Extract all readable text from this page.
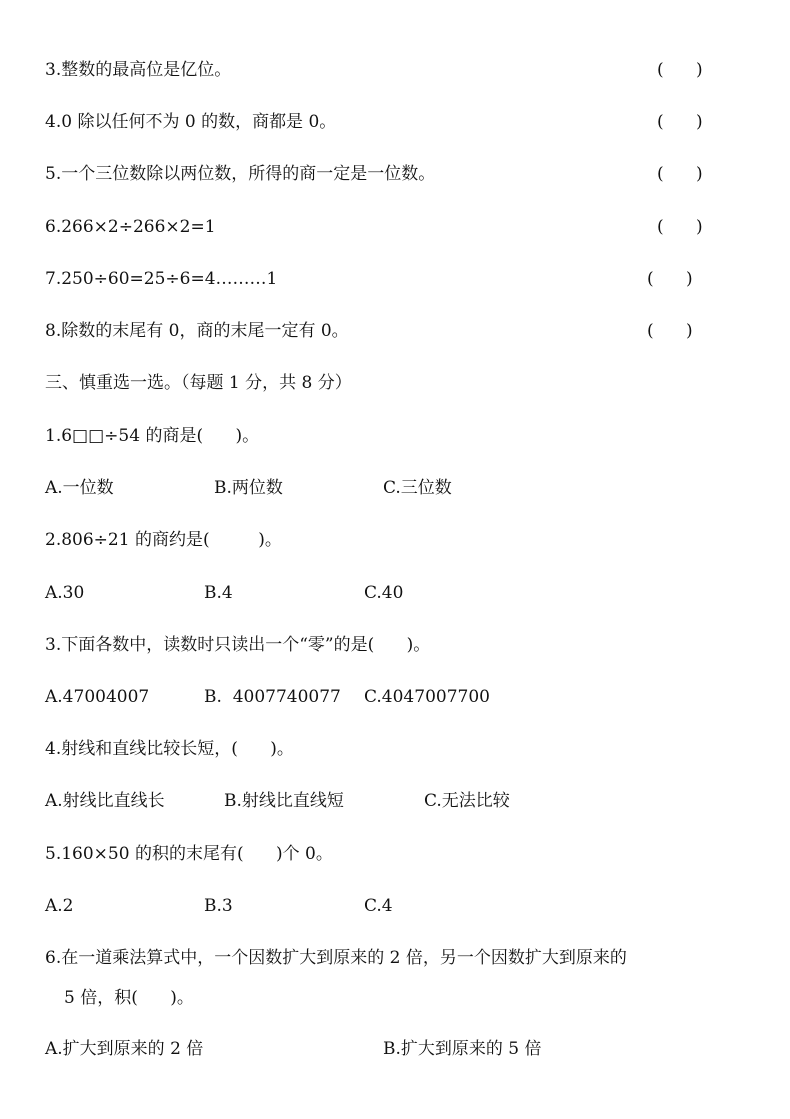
3.整数的最高位是亿位。	(      )
4.0 除以任何不为 0 的数，商都是 0。	(      )
5.一个三位数除以两位数，所得的商一定是一位数。	(      )
6.266×2÷266×2=1	(      )
7.250÷60=25÷6=4………1	(      )
8.除数的末尾有 0，商的末尾一定有 0。	(      )
三、慎重选一选。（每题 1 分，共 8 分）
1.6□□÷54 的商是(      )。
A.一位数	B.两位数	C.三位数
2.806÷21 的商约是(         )。
A.30	B.4	C.40
3.下面各数中，读数时只读出一个“零”的是(      )。
A.47004007	B.  4007740077 C.4047007700
4.射线和直线比较长短，(      )。
A.射线比直线长	B.射线比直线短	C.无法比较
5.160×50 的积的末尾有(      )个 0。
A.2	B.3	C.4
6.在一道乘法算式中，一个因数扩大到原来的 2 倍，另一个因数扩大到原来的
5 倍，积(      )。
A.扩大到原来的 2 倍	B.扩大到原来的 5 倍
